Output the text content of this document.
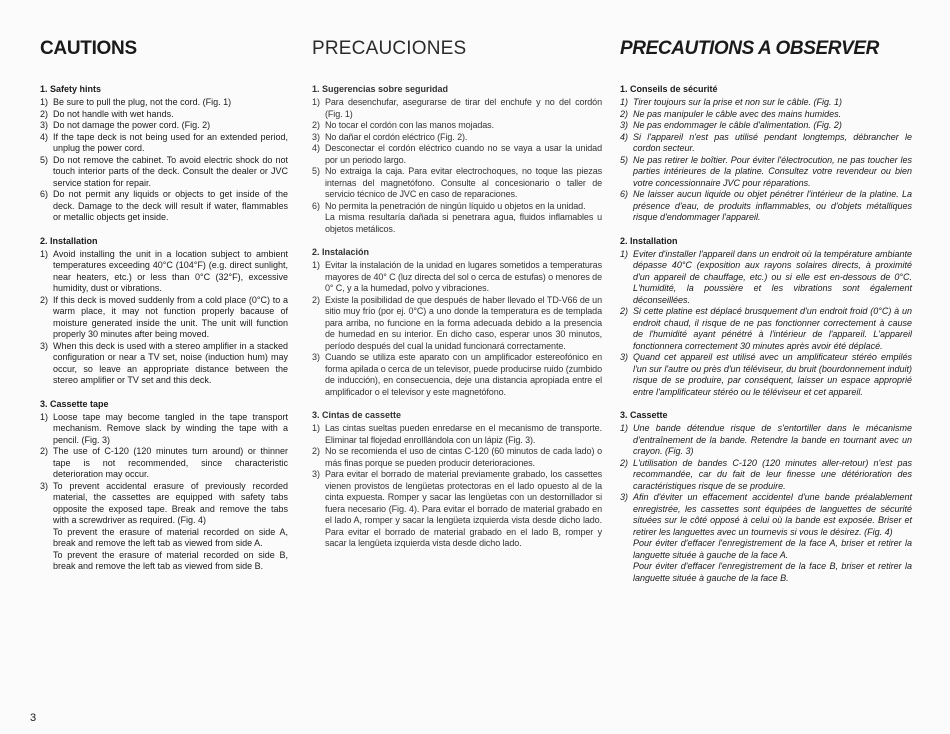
CAUTIONS
1. Safety hints
1) Be sure to pull the plug, not the cord. (Fig. 1)
2) Do not handle with wet hands.
3) Do not damage the power cord. (Fig. 2)
4) If the tape deck is not being used for an extended period, unplug the power cord.
5) Do not remove the cabinet. To avoid electric shock do not touch interior parts of the deck. Consult the dealer or JVC service station for repair.
6) Do not permit any liquids or objects to get inside of the deck. Damage to the deck will result if water, flammables or metallic objects get inside.
2. Installation
1) Avoid installing the unit in a location subject to ambient temperatures exceeding 40°C (104°F) (e.g. direct sunlight, near heaters, etc.) or less than 0°C (32°F), excessive humidity, dust or vibrations.
2) If this deck is moved suddenly from a cold place (0°C) to a warm place, it may not function properly bacause of moisture generated inside the unit. The unit will function properly 30 minutes after being moved.
3) When this deck is used with a stereo amplifier in a stacked configuration or near a TV set, noise (induction hum) may occur, so leave an appropriate distance between the stereo amplifier or TV set and this deck.
3. Cassette tape
1) Loose tape may become tangled in the tape transport mechanism. Remove slack by winding the tape with a pencil. (Fig. 3)
2) The use of C-120 (120 minutes turn around) or thinner tape is not recommended, since characteristic deterioration may occur.
3) To prevent accidental erasure of previously recorded material, the cassettes are equipped with safety tabs opposite the exposed tape. Break and remove the tabs with a screwdriver as required. (Fig. 4)
To prevent the erasure of material recorded on side A, break and remove the left tab as viewed from side A.
To prevent the erasure of material recorded on side B, break and remove the left tab as viewed from side B.
PRECAUCIONES
1. Sugerencias sobre seguridad
1) Para desenchufar, asegurarse de tirar del enchufe y no del cordón (Fig. 1)
2) No tocar el cordón con las manos mojadas.
3) No dañar el cordón eléctrico (Fig. 2).
4) Desconectar el cordón eléctrico cuando no se vaya a usar la unidad por un periodo largo.
5) No extraiga la caja. Para evitar electrochoques, no toque las piezas internas del magnetófono. Consulte al concesionario o taller de servicio técnico de JVC en caso de reparaciones.
6) No permita la penetración de ningún líquido u objetos en la unidad.
La misma resultaría dañada si penetrara agua, fluidos inflamables u objetos metálicos.
2. Instalación
1) Evitar la instalación de la unidad en lugares sometidos a temperaturas mayores de 40° C (luz directa del sol o cerca de estufas) o menores de 0° C, y a la humedad, polvo y vibraciones.
2) Existe la posibilidad de que después de haber llevado el TD-V66 de un sitio muy frío (por ej. 0°C) a uno donde la temperatura es de templada para arriba, no funcione en la forma adecuada debido a la presencia de humedad en su interior. En dicho caso, esperar unos 30 minutos, período después del cual la unidad funcionará correctamente.
3) Cuando se utiliza este aparato con un amplificador estereofónico en forma apilada o cerca de un televisor, puede producirse ruido (zumbido de inducción), en consecuencia, deje una distancia apropiada entre el amplificador o el televisor y este magnetófono.
3. Cintas de cassette
1) Las cintas sueltas pueden enredarse en el mecanismo de transporte. Eliminar tal flojedad enrolllándola con un lápiz (Fig. 3).
2) No se recomienda el uso de cintas C-120 (60 minutos de cada lado) o más finas porque se pueden producir deterioraciones.
3) Para evitar el borrado de material previamente grabado, los cassettes vienen provistos de lengüetas protectoras en el lado opuesto al de la cinta expuesta. Romper y sacar las lengüetas con un destornillador si fuera necesario (Fig. 4). Para evitar el borrado de material grabado en el lado A, romper y sacar la lengüeta izquierda vista desde dicho lado. Para evitar el borrado de material grabado en el lado B, romper y sacar la lengüeta izquierda vista desde dicho lado.
PRECAUTIONS A OBSERVER
1. Conseils de sécurité
1) Tirer toujours sur la prise et non sur le câble. (Fig. 1)
2) Ne pas manipuler le câble avec des mains humides.
3) Ne pas endommager le câble d'alimentation. (Fig. 2)
4) Si l'appareil n'est pas utilisé pendant longtemps, débrancher le cordon secteur.
5) Ne pas retirer le boîtier. Pour éviter l'électrocution, ne pas toucher les parties intérieures de la platine. Consultez votre revendeur ou bien votre concessionnaire JVC pour réparations.
6) Ne laisser aucun liquide ou objet pénétrer l'intérieur de la platine. La présence d'eau, de produits inflammables, ou d'objets métalliques risque d'endommager l'appareil.
2. Installation
1) Eviter d'installer l'appareil dans un endroit où la température ambiante dépasse 40°C (exposition aux rayons solaires directs, à proximité d'un appareil de chauffage, etc.) ou si elle est en-dessous de 0°C. L'humidité, la poussière et les vibrations sont également déconseillées.
2) Si cette platine est déplacé brusquement d'un endroit froid (0°C) à un endroit chaud, il risque de ne pas fonctionner correctement à cause de l'humidité ayant pénétré à l'intérieur de l'appareil. L'appareil fonctionnera correctement 30 minutes après avoir été déplacé.
3) Quand cet appareil est utilisé avec un amplificateur stéréo empilés l'un sur l'autre ou près d'un téléviseur, du bruit (bourdonnement induit) risque de se produire, par conséquent, laisser un espace approprié entre l'amplificateur stéréo ou le téléviseur et cet appareil.
3. Cassette
1) Une bande détendue risque de s'entortiller dans le mécanisme d'entraînement de la bande. Retendre la bande en tournant avec un crayon. (Fig. 3)
2) L'utilisation de bandes C-120 (120 minutes aller-retour) n'est pas recommandée, car du fait de leur finesse une détérioration des caractéristiques risque de se produire.
3) Afin d'éviter un effacement accidentel d'une bande préalablement enregistrée, les cassettes sont équipées de languettes de sécurité situées sur le côté opposé à celui où la bande est exposée. Briser et retirer les languettes avec un tournevis si vous le désirez. (Fig. 4)
Pour éviter d'effacer l'enregistrement de la face A, briser et retirer la languette située à gauche de la face A.
Pour éviter d'effacer l'enregistrement de la face B, briser et retirer la languette située à gauche de la face B.
3
